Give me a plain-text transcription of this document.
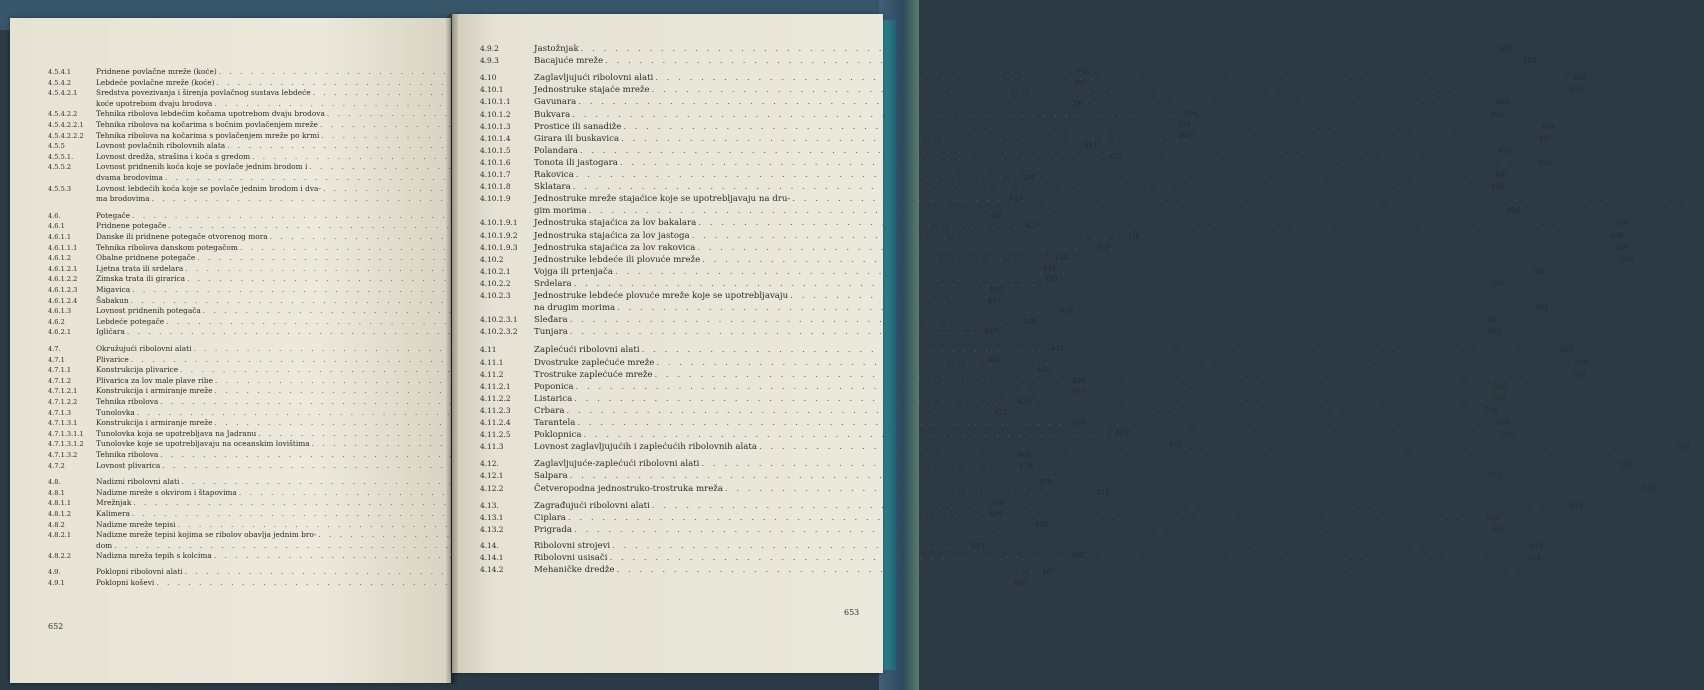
652
4.5.4.1	Pridnene povlačne mreže (koće) . . .	395
4.5.4.2	Lebdeće povlačne mreže (koće) . . .	397
4.5.4.2.1	Sredstva povezivanja i širenja povlačnog sustava lebdeće
. . .
koće upotrebom dvaju brodova . . .	399
4.5.4.2.2	Tehnika ribolova lebdećim kočama upotrebom dvaju brodova . . .	399
4.5.4.2.2.1	Tehnika ribolova na kočarima s bočnim povlačenjem mreže . . .	399
4.5.4.2.2.2	Tehnika ribolova na kočarima s povlačenjem mreže po krmi . . .	407
4.5.5	Lovnost povlačnih ribolovnih alata . . .	411
4.5.5.1.	Lovnost dredža, strašina i koća s gredom . . .	412
4.5.5.2	Lovnost pridnenih koća koje se povlače jednim brodom i
. . .
dvama brodovima . . .	419
4.5.5.3	Lovnost lebdećih koća koje se povlače jednim brodom i dva-
. . .
ma brodovima . . .	423
4.6.	Potegače . . .	425
4.6.1	Pridnene potegače . . .	427
4.6.1.1	Danske ili pridnene potegače otvorenog mora . . .	428
4.6.1.1.1	Tehnika ribolova danskom potegačom . . .	429
4.6.1.2	Obalne pridnene potegače . . .	434
4.6.1.2.1	Ljetna trata ili srdelara . . .	434
4.6.1.2.2	Zimska trata ili girarica . . .	435
4.6.1.2.3	Migavica . . .	436
4.6.1.2.4	Šabakun . . .	437
4.6.1.3	Lovnost pridnenih potegača . . .	437
4.6.2	Lebdeće potegače . . .	440
4.6.2.1	Iglićara . . .	440
4.7.	Okružujući ribolovni alati . . .	441
4.7.1	Plivarice . . .	441
4.7.1.1	Konstrukcija plivarice . . .	446
4.7.1.2	Plivarica za lov male plave ribe . . .	448
4.7.1.2.1	Konstrukcija i armiranje mreže . . .	448
4.7.1.2.2	Tehnika ribolova . . .	451
4.7.1.3	Tunolovka . . .	456
4.7.1.3.1	Konstrukcija i armiranje mreže . . .	456
4.7.1.3.1.1	Tunolovka koja se upotrebljava na Jadranu . . .	457
4.7.1.3.1.2	Tunolovke koje se upotrebljavaju na oceanskim lovištima . . .	461
4.7.1.3.2	Tehnika ribolova . . .	464
4.7.2	Lovnost plivarica . . .	474
4.8.	Nadizni ribolovni alati . . .	478
4.8.1	Nadizne mreže s okvirom i štapovima . . .	478
4.8.1.1	Mrežnjak . . .	478
4.8.1.2	Kalimera . . .	480
4.8.2	Nadizne mreže tepisi . . .	482
4.8.2.1	Nadizne mreže tepisi kojima se ribolov obavlja jednim bro-
. . .
dom . . .	483
4.8.2.2	Nadizna mreža tepih s kolcima . . .	485
4.9.	Poklopni ribolovni alati . . .	486
4.9.1	Poklopni koševi . . .	486
653
4.9.2	Jastožnjak . . .	487
4.9.3	Bacajuće mreže . . .	487
4.10	Zaglavljujući ribolovni alati . . .	489
4.10.1	Jednostruke stajaće mreže . . .	492
4.10.1.1	Gavunara . . .	493
4.10.1.2	Bukvara . . .	494
4.10.1.3	Prostice ili sanadiže . . .	494
4.10.1.4	Girara ili buskavica . . .	495
4.10.1.5	Polandara . . .	495
4.10.1.6	Tonota ili jastogara . . .	495
4.10.1.7	Rakovica . . .	496
4.10.1.8	Sklatara . . .	496
4.10.1.9	Jednostruke mreže stajaćice koje se upotrebljavaju na dru-
. . .
gim morima . . .	496
4.10.1.9.1	Jednostruka stajaćica za lov bakalara . . .	496
4.10.1.9.2	Jednostruka stajaćica za lov jastoga . . .	498
4.10.1.9.3	Jednostruka stajaćica za lov rakovica . . .	499
4.10.2	Jednostruke lebdeće ili plovuće mreže . . .	500
4.10.2.1	Vojga ili prtenjača . . .	500
4.10.2.2	Srdelara . . .	501
4.10.2.3	Jednostruke lebdeće plovuće mreže koje se upotrebljavaju
. . .
na drugim morima . . .	501
4.10.2.3.1	Sleđara . . .	501
4.10.2.3.2	Tunjara . . .	502
4.11	Zaplećući ribolovni alati . . .	505
4.11.1	Dvostruke zaplećuće mreže . . .	506
4.11.2	Trostruke zaplećuće mreže . . .	506
4.11.2.1	Poponica . . .	508
4.11.2.2	Listarica . . .	508
4.11.2.3	Crbara . . .	508
4.11.2.4	Tarantela . . .	509
4.11.2.5	Poklopnica . . .	509
4.11.3	Lovnost zaglavljujućih i zaplećućih ribolovnih alata . . .	512
4.12.	Zaglavljujuće-zaplećući ribolovni alati . . .	512
4.12.1	Salpara . . .	513
4.12.2	Četveropodna jednostruko-trostruka mreža . . .	515
4.13.	Zagrađujući ribolovni alati . . .	515
4.13.1	Ciplara . . .	516
4.13.2	Prigrada . . .	516
4.14.	Ribolovni strojevi . . .	516
4.14.1	Ribolovni usisači . . .	518
4.14.2	Mehaničke dredže
. . .
